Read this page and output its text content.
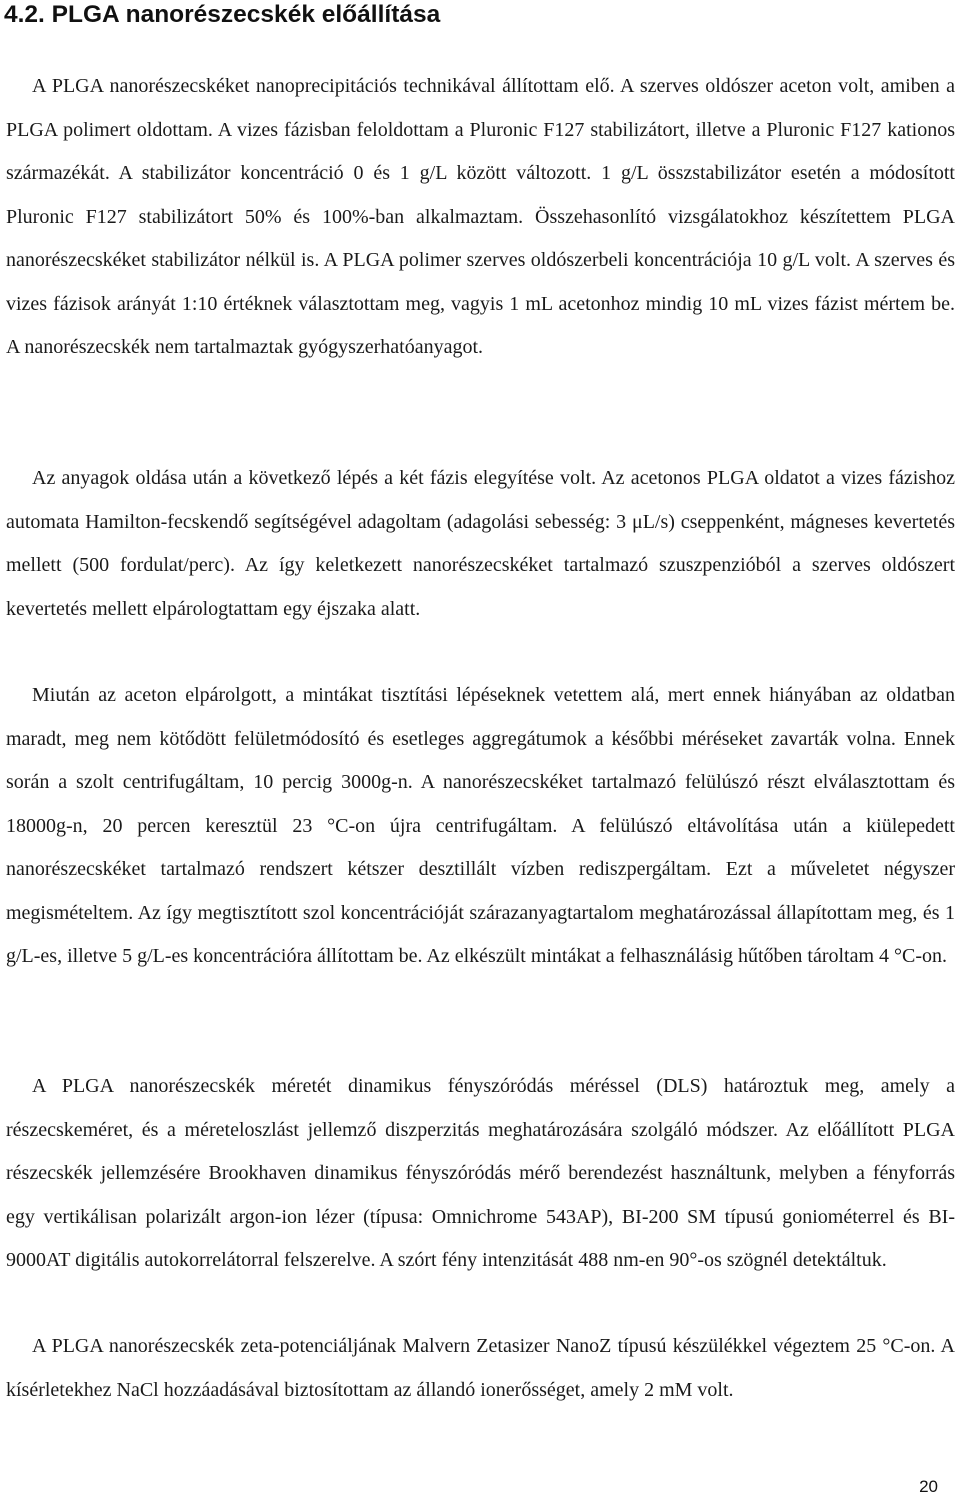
4.2. PLGA nanorészecskék előállítása

A PLGA nanorészecskéket nanoprecipitációs technikával állítottam elő. A szerves oldószer aceton volt, amiben a PLGA polimert oldottam. A vizes fázisban feloldottam a Pluronic F127 stabilizátort, illetve a Pluronic F127 kationos származékát. A stabilizátor koncentráció 0 és 1 g/L között változott. 1 g/L összstabilizátor esetén a módosított Pluronic F127 stabilizátort 50% és 100%-ban alkalmaztam. Összehasonlító vizsgálatokhoz készítettem PLGA nanorészecskéket stabilizátor nélkül is. A PLGA polimer szerves oldószerbeli koncentrációja 10 g/L volt. A szerves és vizes fázisok arányát 1:10 értéknek választottam meg, vagyis 1 mL acetonhoz mindig 10 mL vizes fázist mértem be. A nanorészecskék nem tartalmaztak gyógyszerhatóanyagot.

Az anyagok oldása után a következő lépés a két fázis elegyítése volt. Az acetonos PLGA oldatot a vizes fázishoz automata Hamilton-fecskendő segítségével adagoltam (adagolási sebesség: 3 μL/s) cseppenként, mágneses kevertetés mellett (500 fordulat/perc). Az így keletkezett nanorészecskéket tartalmazó szuszpenzióból a szerves oldószert kevertetés mellett elpárologtattam egy éjszaka alatt.

Miután az aceton elpárolgott, a mintákat tisztítási lépéseknek vetettem alá, mert ennek hiányában az oldatban maradt, meg nem kötődött felületmódosító és esetleges aggregátumok a későbbi méréseket zavarták volna. Ennek során a szolt centrifugáltam, 10 percig 3000g-n. A nanorészecskéket tartalmazó felülúszó részt elválasztottam és 18000g-n, 20 percen keresztül 23 °C-on újra centrifugáltam. A felülúszó eltávolítása után a kiülepedett nanorészecskéket tartalmazó rendszert kétszer desztillált vízben rediszpergáltam. Ezt a műveletet négyszer megismételtem. Az így megtisztított szol koncentrációját szárazanyagtartalom meghatározással állapítottam meg, és 1 g/L-es, illetve 5 g/L-es koncentrációra állítottam be. Az elkészült mintákat a felhasználásig hűtőben tároltam 4 °C-on.

A PLGA nanorészecskék méretét dinamikus fényszóródás méréssel (DLS) határoztuk meg, amely a részecskeméret, és a méreteloszlást jellemző diszperzitás meghatározására szolgáló módszer. Az előállított PLGA részecskék jellemzésére Brookhaven dinamikus fényszóródás mérő berendezést használtunk, melyben a fényforrás egy vertikálisan polarizált argon-ion lézer (típusa: Omnichrome 543AP), BI-200 SM típusú goniométerrel és BI-9000AT digitális autokorrelátorral felszerelve. A szórt fény intenzitását 488 nm-en 90°-os szögnél detektáltuk.

A PLGA nanorészecskék zeta-potenciáljának Malvern Zetasizer NanoZ típusú készülékkel végeztem 25 °C-on. A kísérletekhez NaCl hozzáadásával biztosítottam az állandó ionerősséget, amely 2 mM volt.

20
